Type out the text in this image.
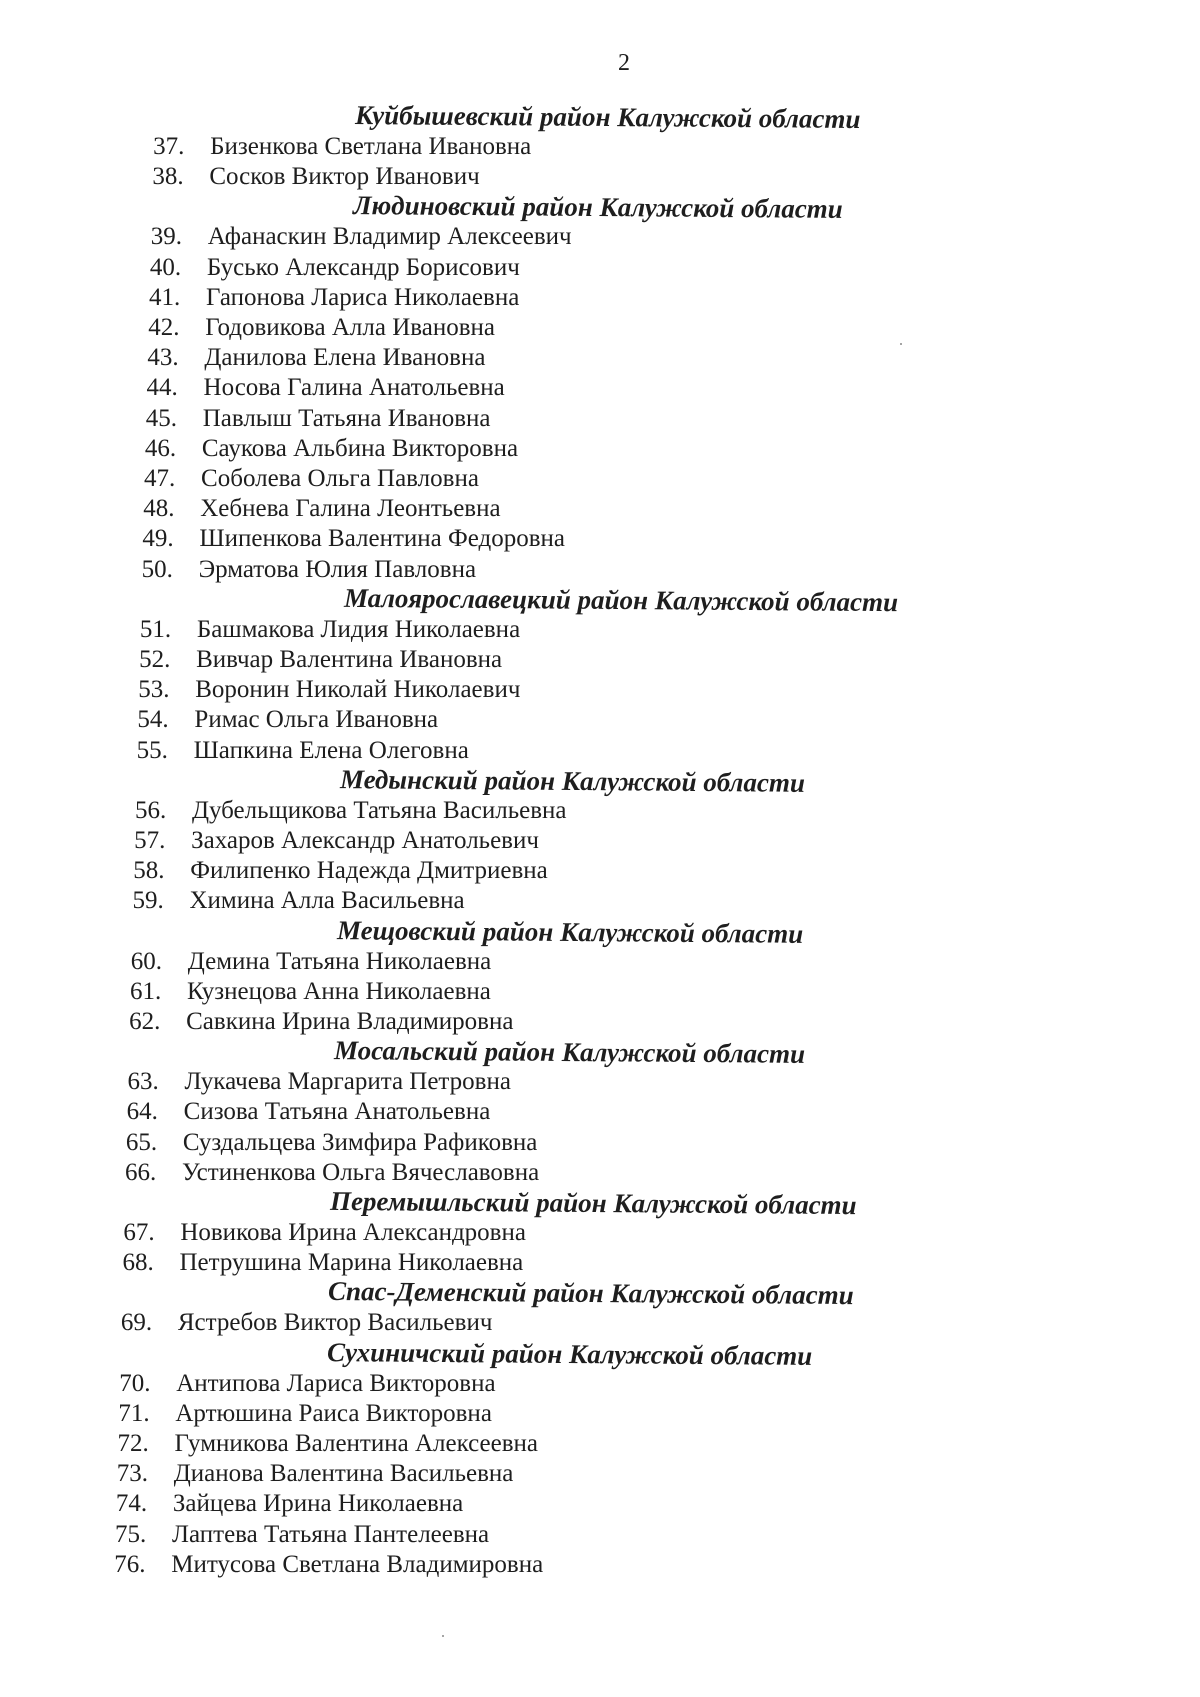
2
Куйбышевский район Калужской области
37. Бизенкова Светлана Ивановна
38. Сосков Виктор Иванович
Людиновский район Калужской области
39. Афанаскин Владимир Алексеевич
40. Бусько Александр Борисович
41. Гапонова Лариса Николаевна
42. Годовикова Алла Ивановна
43. Данилова Елена Ивановна
44. Носова Галина Анатольевна
45. Павлыш Татьяна Ивановна
46. Саукова Альбина Викторовна
47. Соболева Ольга Павловна
48. Хебнева Галина Леонтьевна
49. Шипенкова Валентина Федоровна
50. Эрматова Юлия Павловна
Малоярославецкий район Калужской области
51. Башмакова Лидия Николаевна
52. Вивчар Валентина Ивановна
53. Воронин Николай Николаевич
54. Римас Ольга Ивановна
55. Шапкина Елена Олеговна
Медынский район Калужской области
56. Дубельщикова Татьяна Васильевна
57. Захаров Александр Анатольевич
58. Филипенко Надежда Дмитриевна
59. Химина Алла Васильевна
Мещовский район Калужской области
60. Демина Татьяна Николаевна
61. Кузнецова Анна Николаевна
62. Савкина Ирина Владимировна
Мосальский район Калужской области
63. Лукачева Маргарита Петровна
64. Сизова Татьяна Анатольевна
65. Суздальцева Зимфира Рафиковна
66. Устиненкова Ольга Вячеславовна
Перемышльский район Калужской области
67. Новикова Ирина Александровна
68. Петрушина Марина Николаевна
Спас-Деменский район Калужской области
69. Ястребов Виктор Васильевич
Сухиничский район Калужской области
70. Антипова Лариса Викторовна
71. Артюшина Раиса Викторовна
72. Гумникова Валентина Алексеевна
73. Дианова Валентина Васильевна
74. Зайцева Ирина Николаевна
75. Лаптева Татьяна Пантелеевна
76. Митусова Светлана Владимировна
